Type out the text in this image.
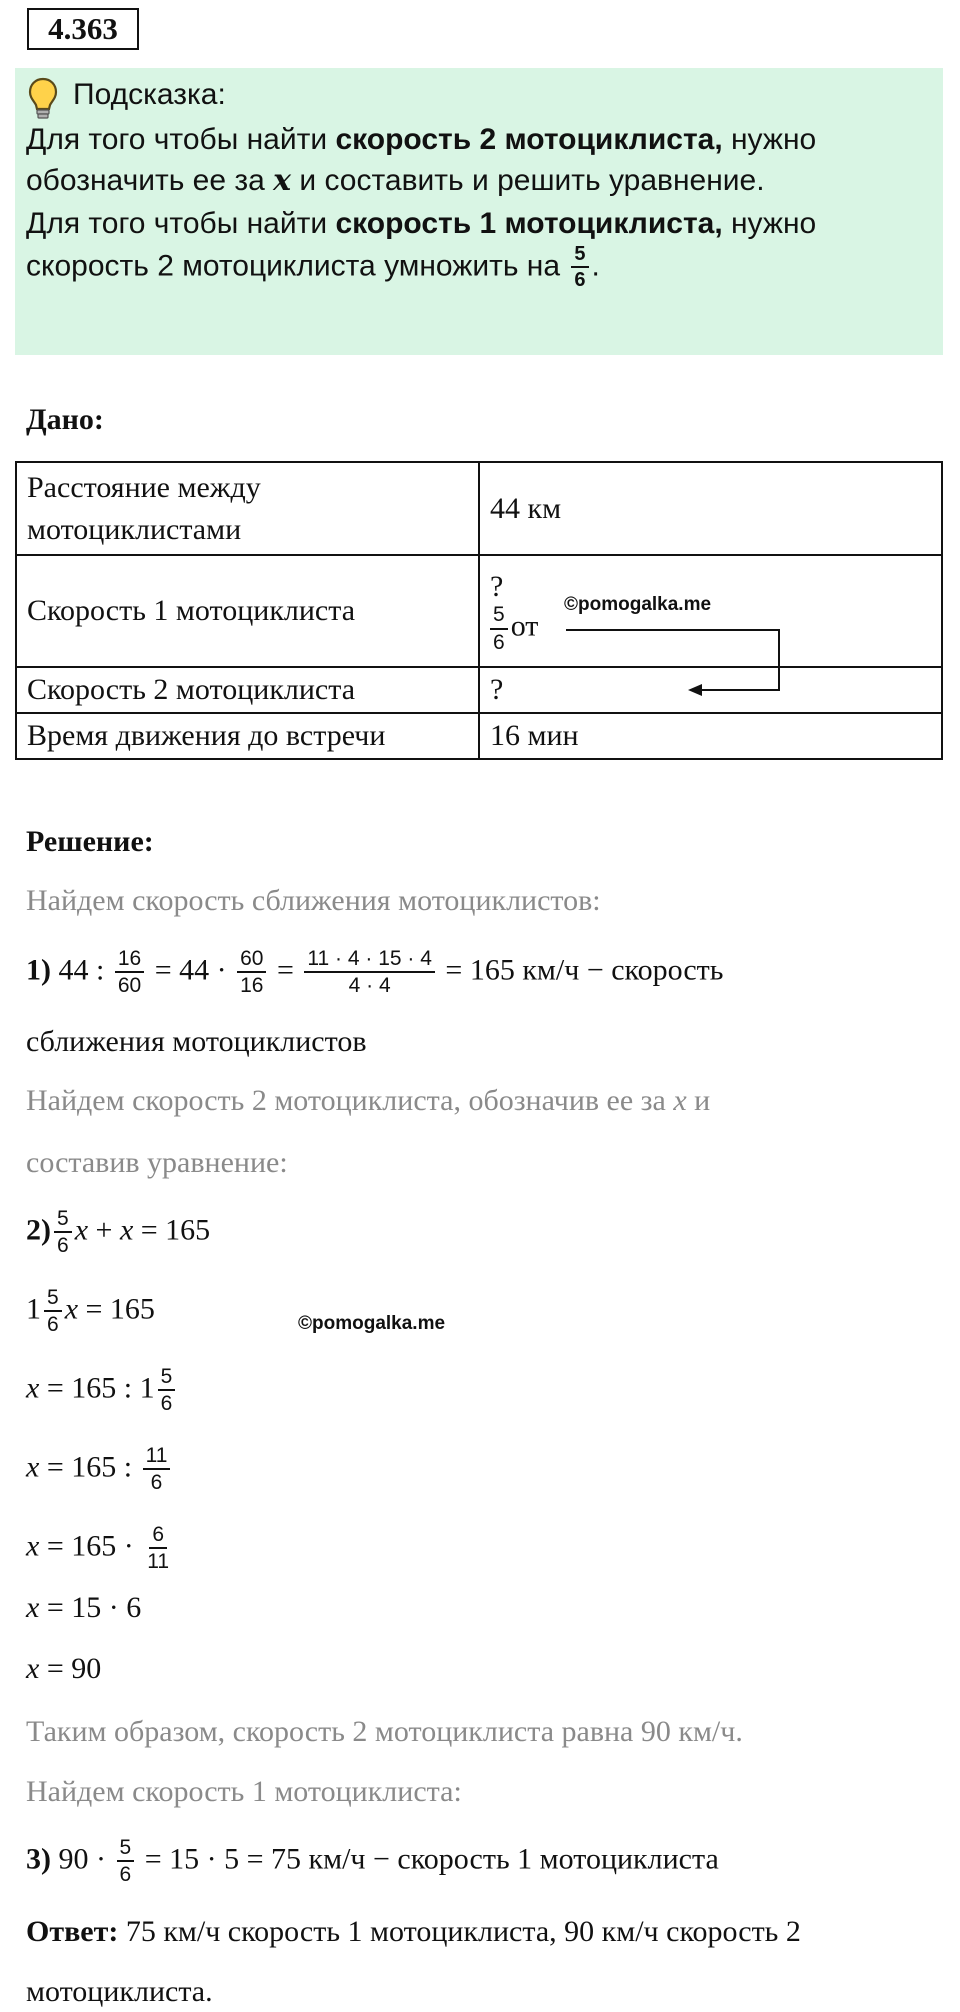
4.363
Подсказка:
Для того чтобы найти скорость 2 мотоциклиста, нужно
обозначить ее за x и составить и решить уравнение.
Для того чтобы найти скорость 1 мотоциклиста, нужно
скорость 2 мотоциклиста умножить на $\frac{5}{6}$ .
Дано:
Расстояние между
мотоциклистами	44 км
Скорость 1 мотоциклиста	?
$\frac{5}{6}$ от
©pomogalka.me

Скорость 2 мотоциклиста	?
Время движения до встречи	16 мин
Решение:
Найдем скорость сближения мотоциклистов:
1) 44 : $\frac{16}{60} = 44 \cdot \frac{60}{16} = \frac{11 \cdot 4 \cdot 15 \cdot 4}{4 \cdot 4} = 165$ км/ч − скорость
сближения мотоциклистов
Найдем скорость 2 мотоциклиста, обозначив ее за x и
составив уравнение:
$2) \frac{5}{6}$ x + x = 165
$1 \frac{5}{6}$ x = 165	©pomogalka.me
x = 165 : $1 \frac{5}{6}$
x = 165 : $\frac{11}{6}$
$x = 165 \cdot \frac{6}{11}$
x = 15 · 6
x = 90
Таким образом, скорость 2 мотоциклиста равна 90 км/ч.
Найдем скорость 1 мотоциклиста:
3) $90 \cdot \frac{5}{6} = 15 \cdot 5 = 75$ км/ч − скорость 1 мотоциклиста
Ответ: 75 км/ч скорость 1 мотоциклиста, 90 км/ч скорость 2
мотоциклиста.
